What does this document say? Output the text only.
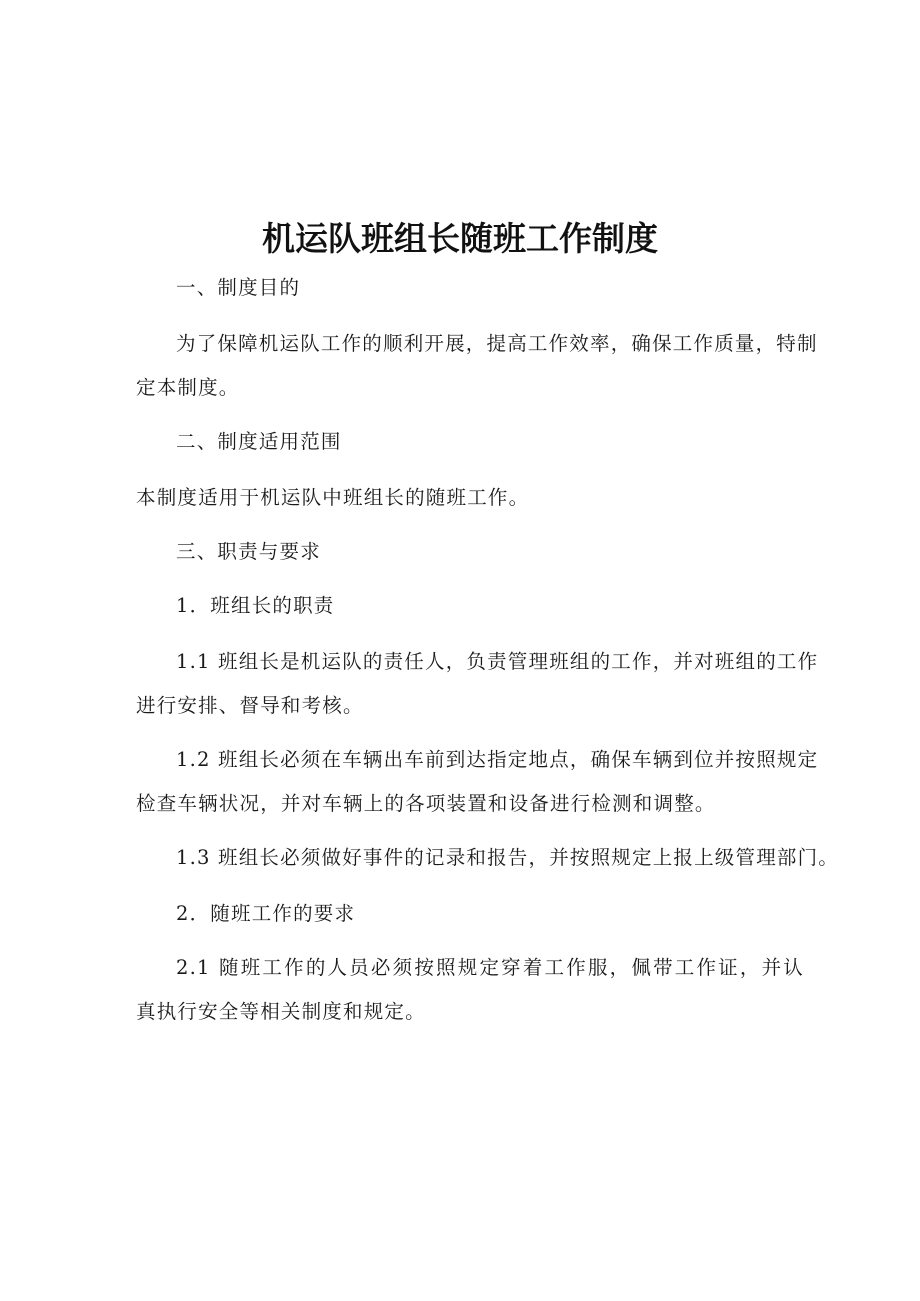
机运队班组长随班工作制度
一、制度目的
为了保障机运队工作的顺利开展，提高工作效率，确保工作质量，特制
定本制度。
二、制度适用范围
本制度适用于机运队中班组长的随班工作。
三、职责与要求
1．班组长的职责
1.1 班组长是机运队的责任人，负责管理班组的工作，并对班组的工作
进行安排、督导和考核。
1.2 班组长必须在车辆出车前到达指定地点，确保车辆到位并按照规定
检查车辆状况，并对车辆上的各项装置和设备进行检测和调整。
1.3 班组长必须做好事件的记录和报告，并按照规定上报上级管理部门。
2．随班工作的要求
2.1 随班工作的人员必须按照规定穿着工作服，佩带工作证，并认
真执行安全等相关制度和规定。
